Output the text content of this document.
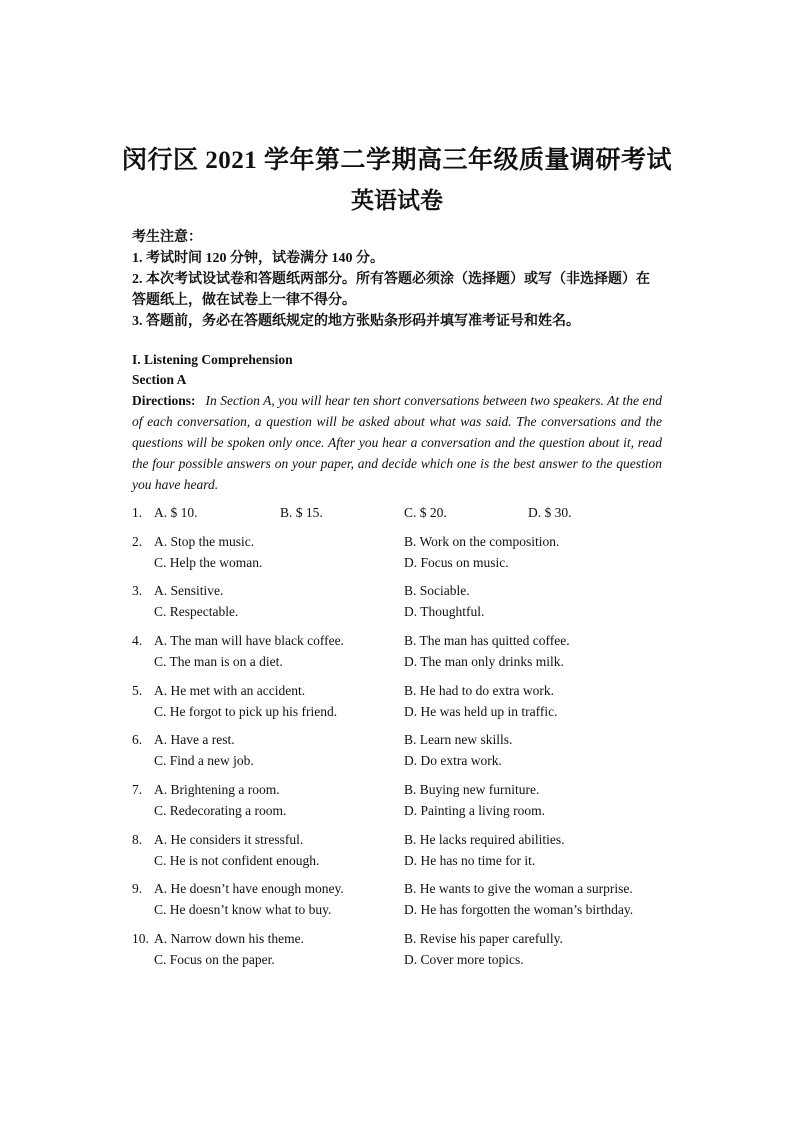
闵行区 2021 学年第二学期高三年级质量调研考试
英语试卷
考生注意：
1. 考试时间 120 分钟，试卷满分 140 分。
2. 本次考试设试卷和答题纸两部分。所有答题必须涂（选择题）或写（非选择题）在
答题纸上，做在试卷上一律不得分。
3. 答题前，务必在答题纸规定的地方张贴条形码并填写准考证号和姓名。
I. Listening Comprehension
Section A
Directions: In Section A, you will hear ten short conversations between two speakers. At the end of each conversation, a question will be asked about what was said. The conversations and the questions will be spoken only once. After you hear a conversation and the question about it, read the four possible answers on your paper, and decide which one is the best answer to the question you have heard.
1. A. $ 10.	B. $ 15.	C. $ 20.	D. $ 30.
2. A. Stop the music.	B. Work on the composition.
C. Help the woman.	D. Focus on music.
3. A. Sensitive.	B. Sociable.
C. Respectable.	D. Thoughtful.
4. A. The man will have black coffee.	B. The man has quitted coffee.
C. The man is on a diet.	D. The man only drinks milk.
5. A. He met with an accident.	B. He had to do extra work.
C. He forgot to pick up his friend.	D. He was held up in traffic.
6. A. Have a rest.	B. Learn new skills.
C. Find a new job.	D. Do extra work.
7. A. Brightening a room.	B. Buying new furniture.
C. Redecorating a room.	D. Painting a living room.
8. A. He considers it stressful.	B. He lacks required abilities.
C. He is not confident enough.	D. He has no time for it.
9. A. He doesn’t have enough money.	B. He wants to give the woman a surprise.
C. He doesn’t know what to buy.	D. He has forgotten the woman’s birthday.
10. A. Narrow down his theme.	B. Revise his paper carefully.
C. Focus on the paper.	D. Cover more topics.
